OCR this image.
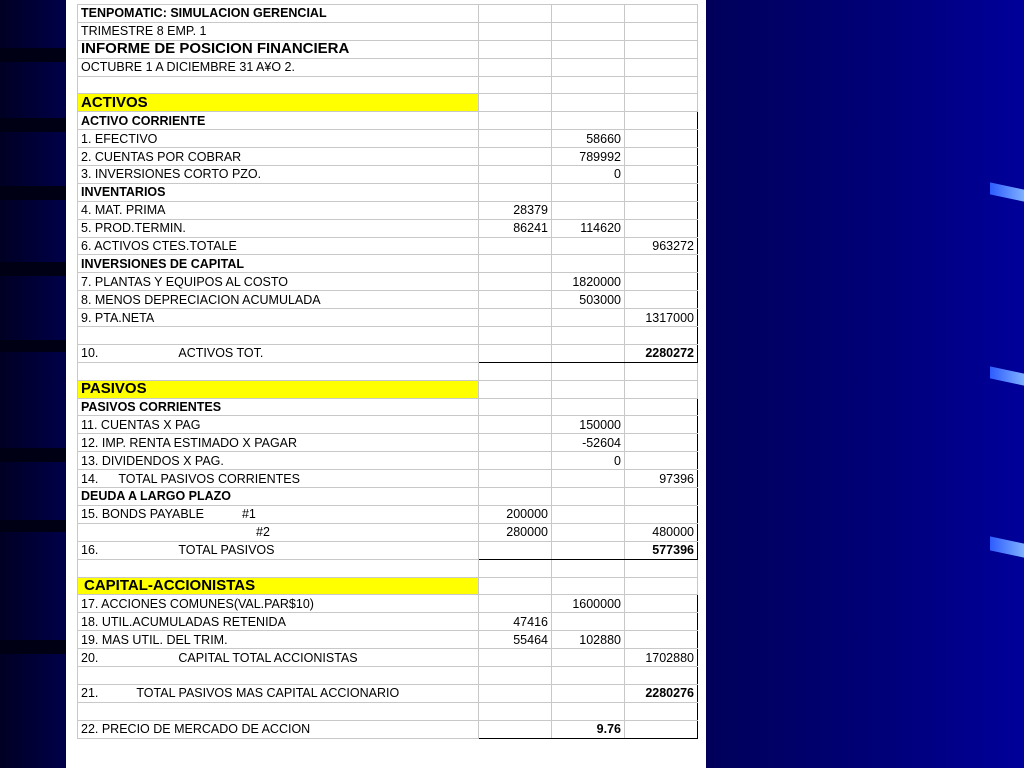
TENPOMATIC: SIMULACION GERENCIAL			
TRIMESTRE 8 EMP. 1			
INFORME DE POSICION FINANCIERA			
OCTUBRE 1 A DICIEMBRE 31 A¥O 2.			

ACTIVOS			
ACTIVO CORRIENTE			
1. EFECTIVO		58660	
2. CUENTAS POR COBRAR		789992	
3. INVERSIONES CORTO PZO.		0	
INVENTARIOS			
4. MAT. PRIMA	28379		
5. PROD.TERMIN.	86241	114620	
6. ACTIVOS CTES.TOTALE			963272
INVERSIONES DE CAPITAL			
7. PLANTAS Y EQUIPOS AL COSTO		1820000	
8. MENOS DEPRECIACION ACUMULADA		503000	
9. PTA.NETA			1317000

10. ACTIVOS TOT.			2280272

PASIVOS			
PASIVOS CORRIENTES			
11. CUENTAS X PAG		150000	
12. IMP. RENTA ESTIMADO X PAGAR		-52604	
13. DIVIDENDOS X PAG.		0	
14. TOTAL PASIVOS CORRIENTES			97396
DEUDA A LARGO PLAZO			
15. BONDS PAYABLE #1	200000		
#2	280000		480000
16. TOTAL PASIVOS			577396

CAPITAL-ACCIONISTAS			
17. ACCIONES COMUNES(VAL.PAR$10)		1600000	
18. UTIL.ACUMULADAS RETENIDA	47416		
19. MAS UTIL. DEL TRIM.	55464	102880	
20. CAPITAL TOTAL ACCIONISTAS			1702880

21. TOTAL PASIVOS MAS CAPITAL ACCIONARIO			2280276

22. PRECIO DE MERCADO DE ACCION		9.76	
